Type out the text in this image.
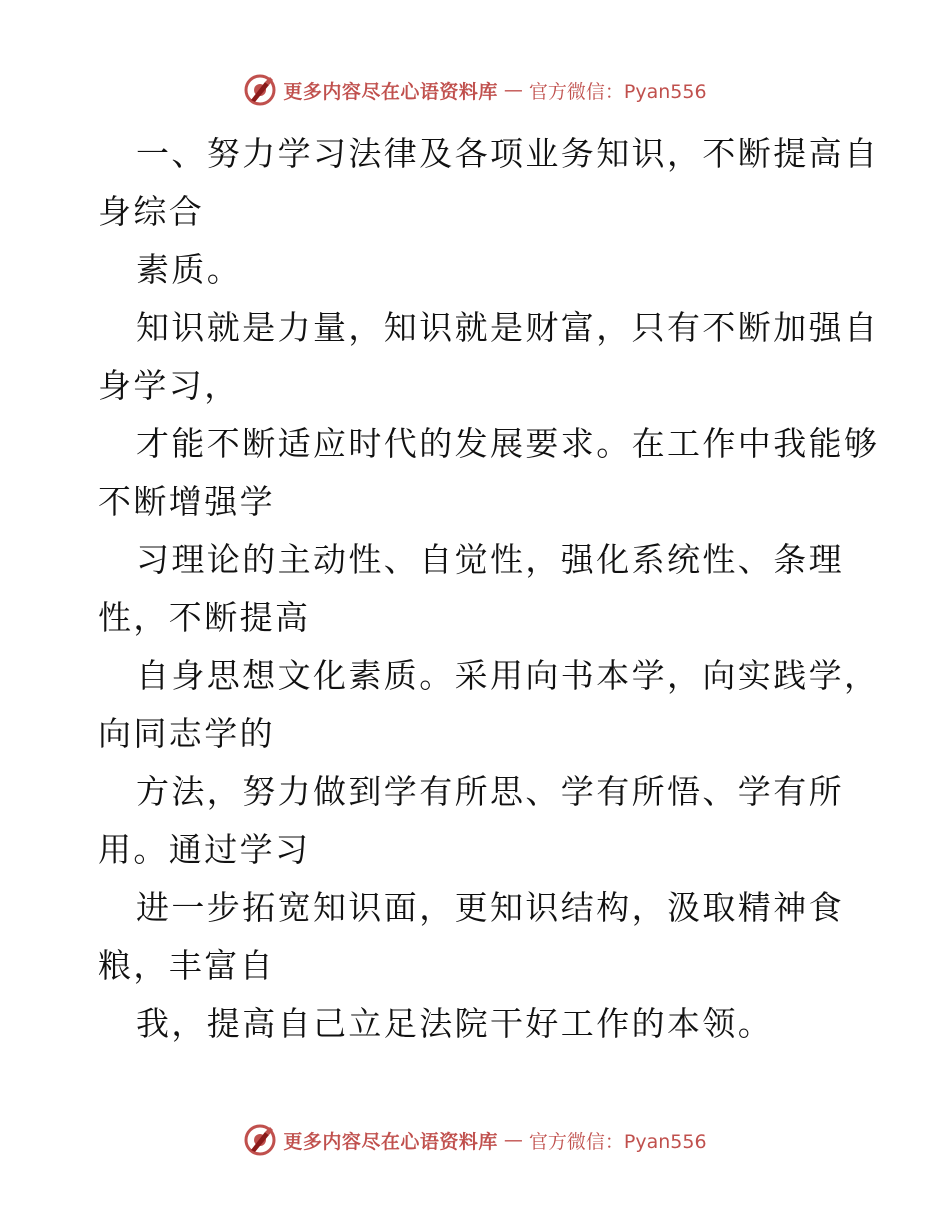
更多内容尽在心语资料库 — 官方微信：Pyan556
一、努力学习法律及各项业务知识，不断提高自
身综合
素质。
知识就是力量，知识就是财富，只有不断加强自
身学习，
才能不断适应时代的发展要求。在工作中我能够
不断增强学
习理论的主动性、自觉性，强化系统性、条理
性，不断提高
自身思想文化素质。采用向书本学，向实践学，
向同志学的
方法，努力做到学有所思、学有所悟、学有所
用。通过学习
进一步拓宽知识面，更知识结构，汲取精神食
粮，丰富自
我，提高自己立足法院干好工作的本领。
更多内容尽在心语资料库 — 官方微信：Pyan556
